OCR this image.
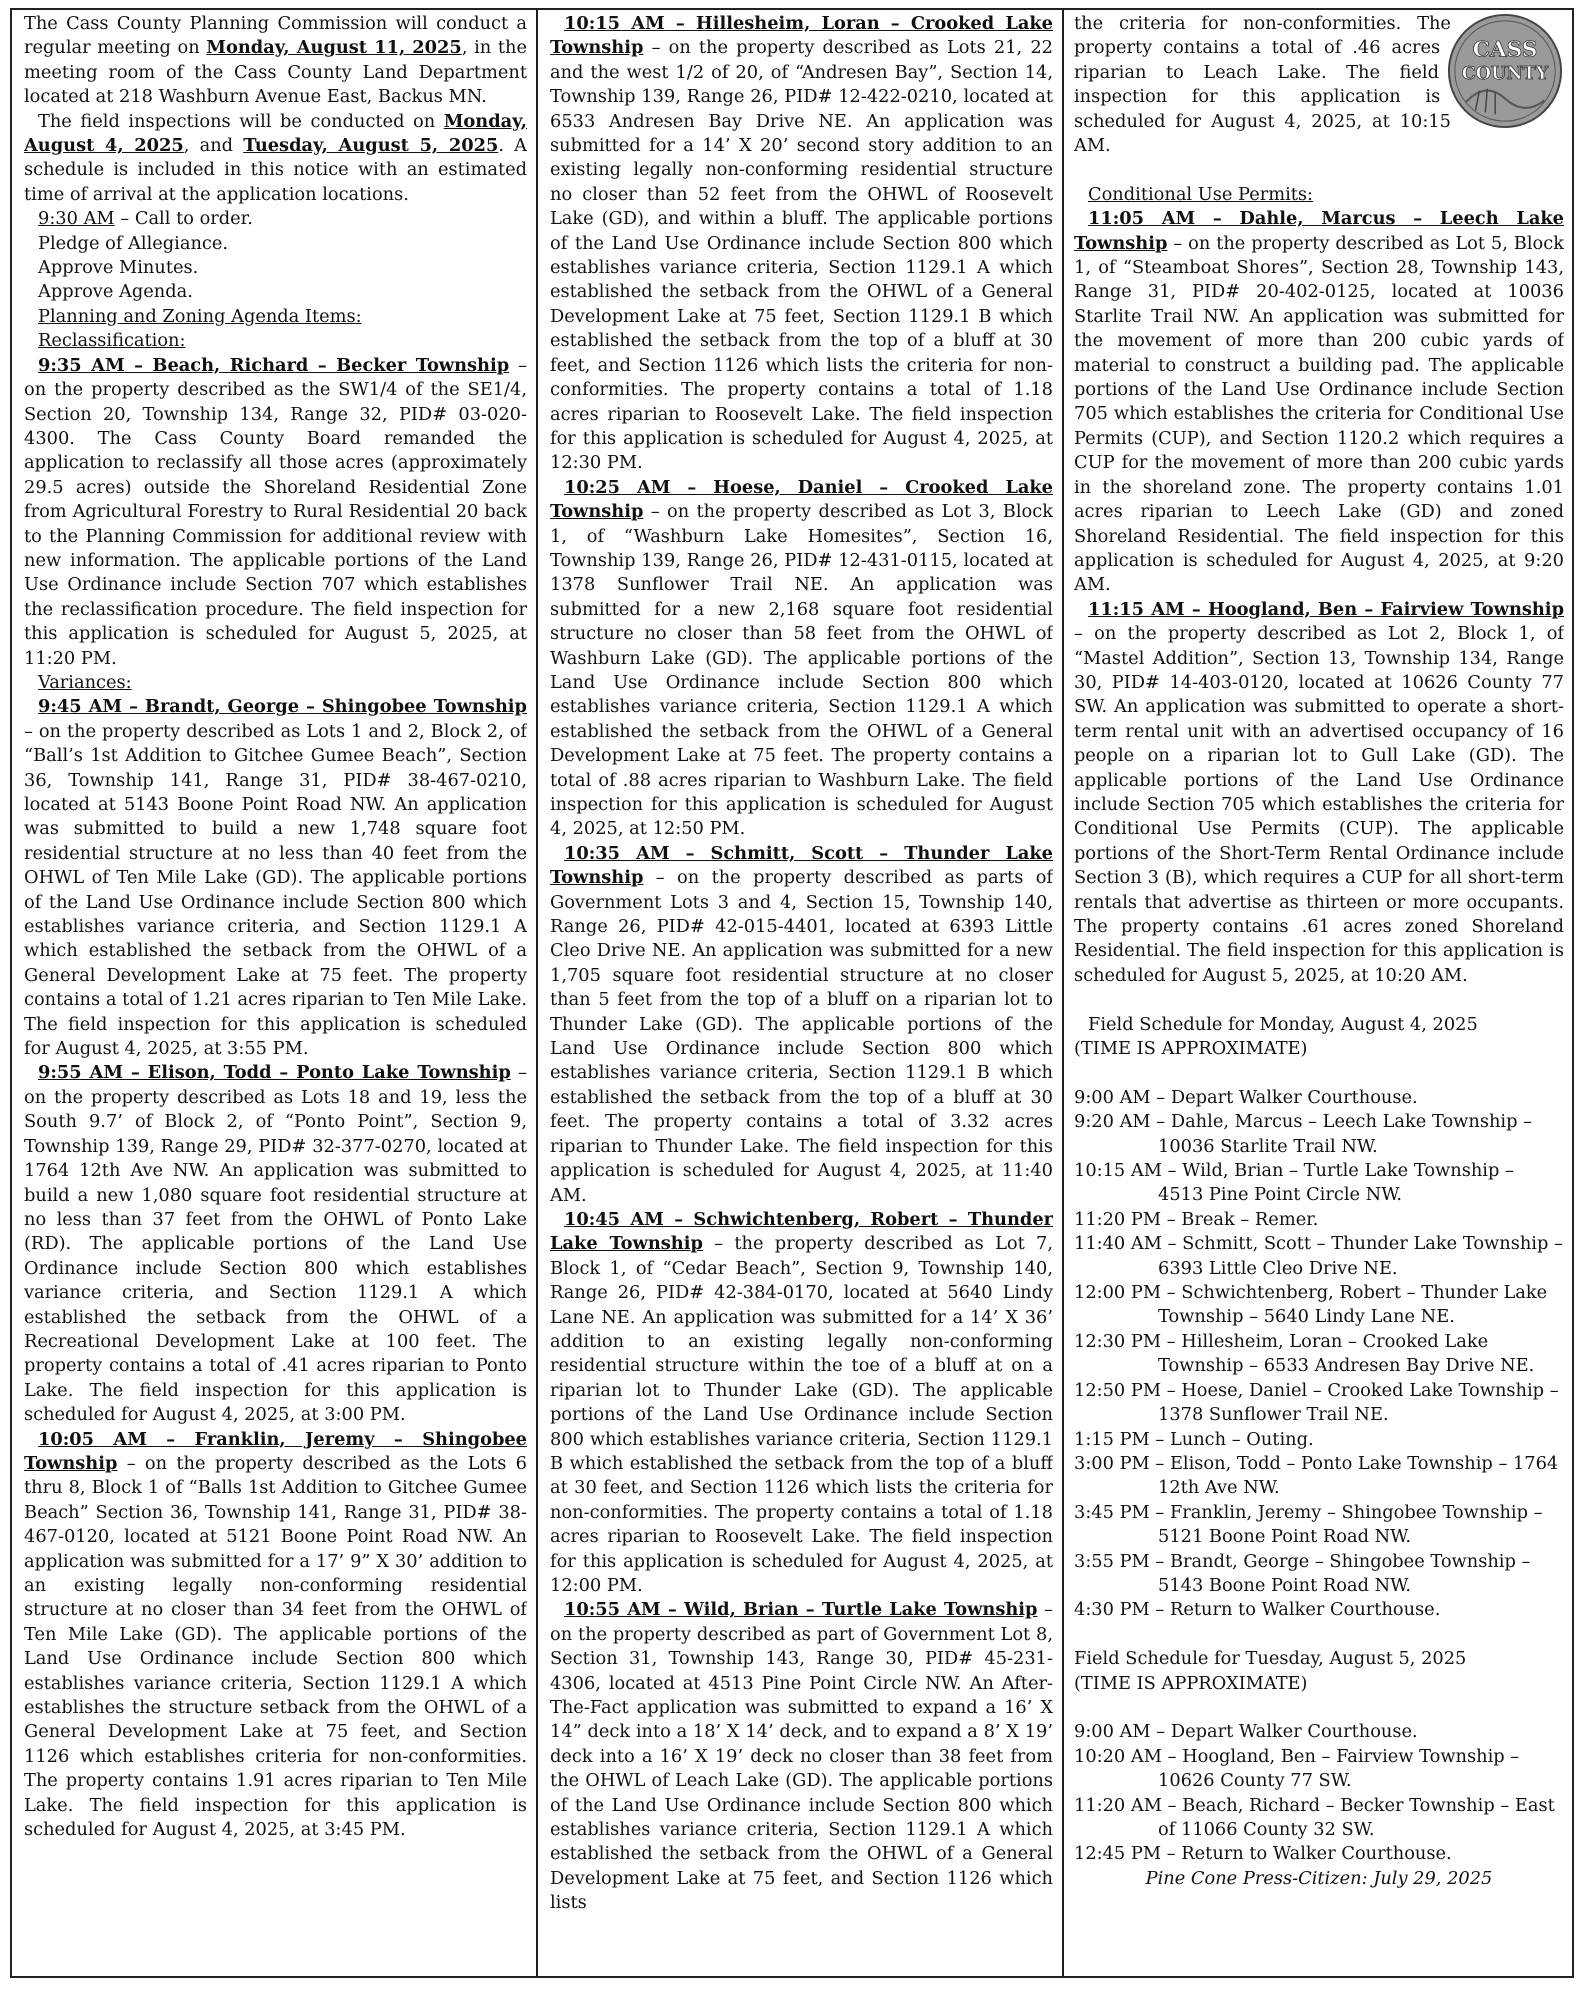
The Cass County Planning Commission will conduct a regular meeting on Monday, August 11, 2025, in the meeting room of the Cass County Land Department located at 218 Washburn Avenue East, Backus MN.

The field inspections will be conducted on Monday, August 4, 2025, and Tuesday, August 5, 2025. A schedule is included in this notice with an estimated time of arrival at the application locations.

9:30 AM – Call to order.

Pledge of Allegiance.

Approve Minutes.

Approve Agenda.

Planning and Zoning Agenda Items:

Reclassification:

9:35 AM – Beach, Richard – Becker Township – on the property described as the SW1/4 of the SE1/4, Section 20, Township 134, Range 32, PID# 03-020-4300. The Cass County Board remanded the application to reclassify all those acres (approximately 29.5 acres) outside the Shoreland Residential Zone from Agricultural Forestry to Rural Residential 20 back to the Planning Commission for additional review with new information. The applicable portions of the Land Use Ordinance include Section 707 which establishes the reclassification procedure. The field inspection for this application is scheduled for August 5, 2025, at 11:20 PM.

Variances:

9:45 AM – Brandt, George – Shingobee Township – on the property described as Lots 1 and 2, Block 2, of “Ball’s 1st Addition to Gitchee Gumee Beach”, Section 36, Township 141, Range 31, PID# 38-467-0210, located at 5143 Boone Point Road NW. An application was submitted to build a new 1,748 square foot residential structure at no less than 40 feet from the OHWL of Ten Mile Lake (GD). The applicable portions of the Land Use Ordinance include Section 800 which establishes variance criteria, and Section 1129.1 A which established the setback from the OHWL of a General Development Lake at 75 feet. The property contains a total of 1.21 acres riparian to Ten Mile Lake. The field inspection for this application is scheduled for August 4, 2025, at 3:55 PM.

9:55 AM – Elison, Todd – Ponto Lake Township – on the property described as Lots 18 and 19, less the South 9.7’ of Block 2, of “Ponto Point”, Section 9, Township 139, Range 29, PID# 32-377-0270, located at 1764 12th Ave NW. An application was submitted to build a new 1,080 square foot residential structure at no less than 37 feet from the OHWL of Ponto Lake (RD). The applicable portions of the Land Use Ordinance include Section 800 which establishes variance criteria, and Section 1129.1 A which established the setback from the OHWL of a Recreational Development Lake at 100 feet. The property contains a total of .41 acres riparian to Ponto Lake. The field inspection for this application is scheduled for August 4, 2025, at 3:00 PM.

10:05 AM – Franklin, Jeremy – Shingobee Township – on the property described as the Lots 6 thru 8, Block 1 of “Balls 1st Addition to Gitchee Gumee Beach” Section 36, Township 141, Range 31, PID# 38-467-0120, located at 5121 Boone Point Road NW. An application was submitted for a 17’ 9” X 30’ addition to an existing legally non-conforming residential structure at no closer than 34 feet from the OHWL of Ten Mile Lake (GD). The applicable portions of the Land Use Ordinance include Section 800 which establishes variance criteria, Section 1129.1 A which establishes the structure setback from the OHWL of a General Development Lake at 75 feet, and Section 1126 which establishes criteria for non-conformities. The property contains 1.91 acres riparian to Ten Mile Lake. The field inspection for this application is scheduled for August 4, 2025, at 3:45 PM.

10:15 AM – Hillesheim, Loran – Crooked Lake Township – on the property described as Lots 21, 22 and the west 1/2 of 20, of “Andresen Bay”, Section 14, Township 139, Range 26, PID# 12-422-0210, located at 6533 Andresen Bay Drive NE. An application was submitted for a 14’ X 20’ second story addition to an existing legally non-conforming residential structure no closer than 52 feet from the OHWL of Roosevelt Lake (GD), and within a bluff. The applicable portions of the Land Use Ordinance include Section 800 which establishes variance criteria, Section 1129.1 A which established the setback from the OHWL of a General Development Lake at 75 feet, Section 1129.1 B which established the setback from the top of a bluff at 30 feet, and Section 1126 which lists the criteria for non-conformities. The property contains a total of 1.18 acres riparian to Roosevelt Lake. The field inspection for this application is scheduled for August 4, 2025, at 12:30 PM.

10:25 AM – Hoese, Daniel – Crooked Lake Township – on the property described as Lot 3, Block 1, of “Washburn Lake Homesites”, Section 16, Township 139, Range 26, PID# 12-431-0115, located at 1378 Sunflower Trail NE. An application was submitted for a new 2,168 square foot residential structure no closer than 58 feet from the OHWL of Washburn Lake (GD). The applicable portions of the Land Use Ordinance include Section 800 which establishes variance criteria, Section 1129.1 A which established the setback from the OHWL of a General Development Lake at 75 feet. The property contains a total of .88 acres riparian to Washburn Lake. The field inspection for this application is scheduled for August 4, 2025, at 12:50 PM.

10:35 AM – Schmitt, Scott – Thunder Lake Township – on the property described as parts of Government Lots 3 and 4, Section 15, Township 140, Range 26, PID# 42-015-4401, located at 6393 Little Cleo Drive NE. An application was submitted for a new 1,705 square foot residential structure at no closer than 5 feet from the top of a bluff on a riparian lot to Thunder Lake (GD). The applicable portions of the Land Use Ordinance include Section 800 which establishes variance criteria, Section 1129.1 B which established the setback from the top of a bluff at 30 feet. The property contains a total of 3.32 acres riparian to Thunder Lake. The field inspection for this application is scheduled for August 4, 2025, at 11:40 AM.

10:45 AM – Schwichtenberg, Robert – Thunder Lake Township – the property described as Lot 7, Block 1, of “Cedar Beach”, Section 9, Township 140, Range 26, PID# 42-384-0170, located at 5640 Lindy Lane NE. An application was submitted for a 14’ X 36’ addition to an existing legally non-conforming residential structure within the toe of a bluff at on a riparian lot to Thunder Lake (GD). The applicable portions of the Land Use Ordinance include Section 800 which establishes variance criteria, Section 1129.1 B which established the setback from the top of a bluff at 30 feet, and Section 1126 which lists the criteria for non-conformities. The property contains a total of 1.18 acres riparian to Roosevelt Lake. The field inspection for this application is scheduled for August 4, 2025, at 12:00 PM.

10:55 AM – Wild, Brian – Turtle Lake Township – on the property described as part of Government Lot 8, Section 31, Township 143, Range 30, PID# 45-231-4306, located at 4513 Pine Point Circle NW. An After-The-Fact application was submitted to expand a 16’ X 14” deck into a 18’ X 14’ deck, and to expand a 8’ X 19’ deck into a 16’ X 19’ deck no closer than 38 feet from the OHWL of Leach Lake (GD). The applicable portions of the Land Use Ordinance include Section 800 which establishes variance criteria, Section 1129.1 A which established the setback from the OHWL of a General Development Lake at 75 feet, and Section 1126 which lists

CASS
COUNTY

the criteria for non-conformities. The property contains a total of .46 acres riparian to Leach Lake. The field inspection for this application is scheduled for August 4, 2025, at 10:15 AM.

Conditional Use Permits:

11:05 AM – Dahle, Marcus – Leech Lake Township – on the property described as Lot 5, Block 1, of “Steamboat Shores”, Section 28, Township 143, Range 31, PID# 20-402-0125, located at 10036 Starlite Trail NW. An application was submitted for the movement of more than 200 cubic yards of material to construct a building pad. The applicable portions of the Land Use Ordinance include Section 705 which establishes the criteria for Conditional Use Permits (CUP), and Section 1120.2 which requires a CUP for the movement of more than 200 cubic yards in the shoreland zone. The property contains 1.01 acres riparian to Leech Lake (GD) and zoned Shoreland Residential. The field inspection for this application is scheduled for August 4, 2025, at 9:20 AM.

11:15 AM – Hoogland, Ben – Fairview Township – on the property described as Lot 2, Block 1, of “Mastel Addition”, Section 13, Township 134, Range 30, PID# 14-403-0120, located at 10626 County 77 SW. An application was submitted to operate a short-term rental unit with an advertised occupancy of 16 people on a riparian lot to Gull Lake (GD). The applicable portions of the Land Use Ordinance include Section 705 which establishes the criteria for Conditional Use Permits (CUP). The applicable portions of the Short-Term Rental Ordinance include Section 3 (B), which requires a CUP for all short-term rentals that advertise as thirteen or more occupants. The property contains .61 acres zoned Shoreland Residential. The field inspection for this application is scheduled for August 5, 2025, at 10:20 AM.

Field Schedule for Monday, August 4, 2025

(TIME IS APPROXIMATE)

9:00 AM – Depart Walker Courthouse.

9:20 AM – Dahle, Marcus – Leech Lake Township – 10036 Starlite Trail NW.

10:15 AM – Wild, Brian – Turtle Lake Township – 4513 Pine Point Circle NW.

11:20 PM – Break – Remer.

11:40 AM – Schmitt, Scott – Thunder Lake Township – 6393 Little Cleo Drive NE.

12:00 PM – Schwichtenberg, Robert – Thunder Lake Township – 5640 Lindy Lane NE.

12:30 PM – Hillesheim, Loran – Crooked Lake Township – 6533 Andresen Bay Drive NE.

12:50 PM – Hoese, Daniel – Crooked Lake Township – 1378 Sunflower Trail NE.

1:15 PM – Lunch – Outing.

3:00 PM – Elison, Todd – Ponto Lake Township – 1764 12th Ave NW.

3:45 PM – Franklin, Jeremy – Shingobee Township – 5121 Boone Point Road NW.

3:55 PM – Brandt, George – Shingobee Township – 5143 Boone Point Road NW.

4:30 PM – Return to Walker Courthouse.

Field Schedule for Tuesday, August 5, 2025

(TIME IS APPROXIMATE)

9:00 AM – Depart Walker Courthouse.

10:20 AM – Hoogland, Ben – Fairview Township – 10626 County 77 SW.

11:20 AM – Beach, Richard – Becker Township – East of 11066 County 32 SW.

12:45 PM – Return to Walker Courthouse.

Pine Cone Press-Citizen: July 29, 2025
